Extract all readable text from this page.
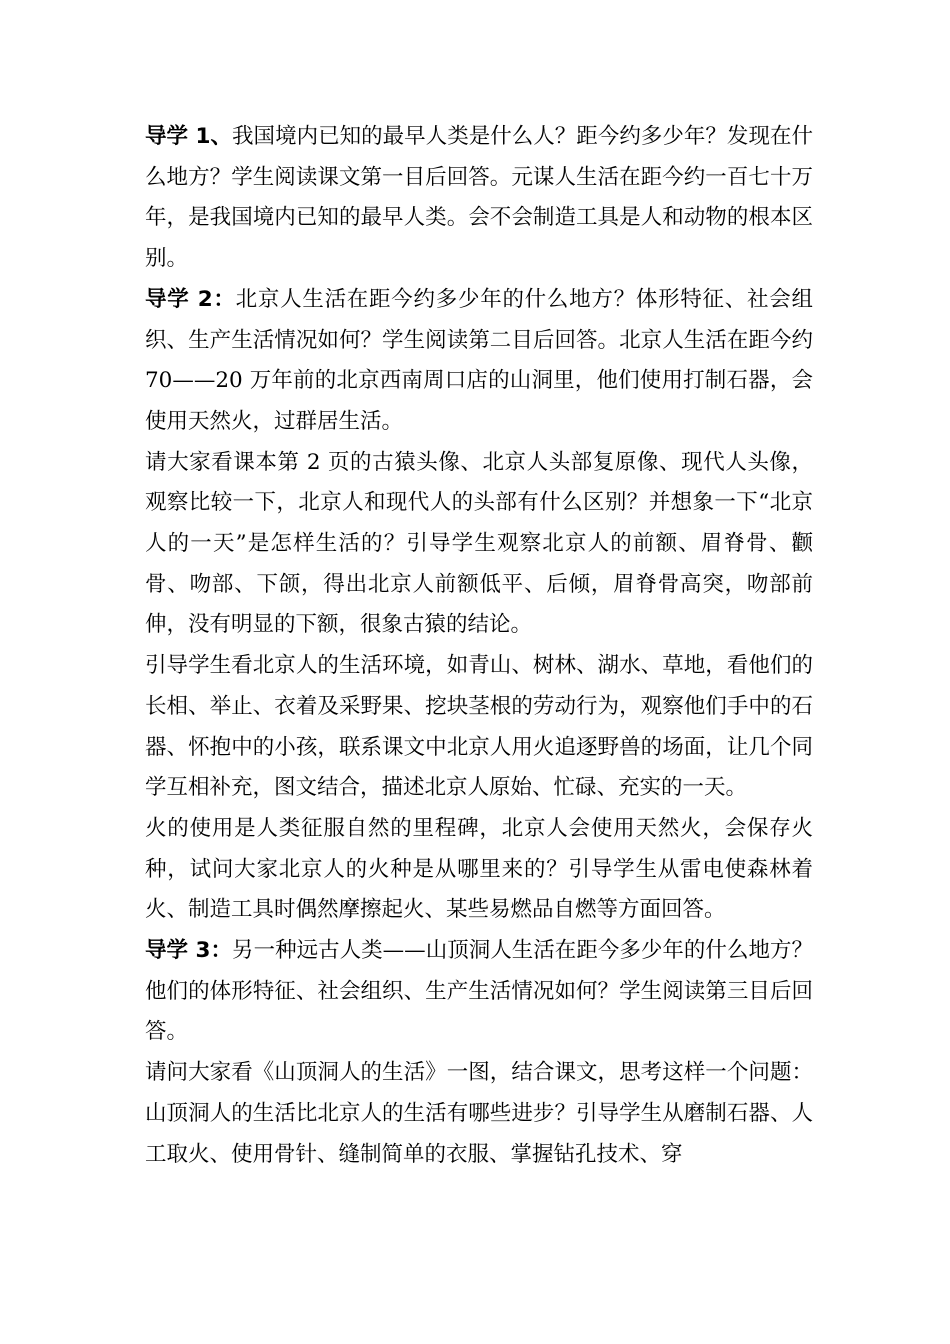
导学 1、我国境内已知的最早人类是什么人？距今约多少年？发现在什么地方？学生阅读课文第一目后回答。元谋人生活在距今约一百七十万年，是我国境内已知的最早人类。会不会制造工具是人和动物的根本区别。

导学 2：北京人生活在距今约多少年的什么地方？体形特征、社会组织、生产生活情况如何？学生阅读第二目后回答。北京人生活在距今约 70——20 万年前的北京西南周口店的山洞里，他们使用打制石器，会使用天然火，过群居生活。

请大家看课本第 2 页的古猿头像、北京人头部复原像、现代人头像，观察比较一下，北京人和现代人的头部有什么区别？并想象一下“北京人的一天”是怎样生活的？引导学生观察北京人的前额、眉脊骨、颧骨、吻部、下颌，得出北京人前额低平、后倾，眉脊骨高突，吻部前伸，没有明显的下额，很象古猿的结论。

引导学生看北京人的生活环境，如青山、树林、湖水、草地，看他们的长相、举止、衣着及采野果、挖块茎根的劳动行为，观察他们手中的石器、怀抱中的小孩，联系课文中北京人用火追逐野兽的场面，让几个同学互相补充，图文结合，描述北京人原始、忙碌、充实的一天。

火的使用是人类征服自然的里程碑，北京人会使用天然火，会保存火种，试问大家北京人的火种是从哪里来的？引导学生从雷电使森林着火、制造工具时偶然摩擦起火、某些易燃品自燃等方面回答。

导学 3：另一种远古人类——山顶洞人生活在距今多少年的什么地方？他们的体形特征、社会组织、生产生活情况如何？学生阅读第三目后回答。

请问大家看《山顶洞人的生活》一图，结合课文，思考这样一个问题：山顶洞人的生活比北京人的生活有哪些进步？引导学生从磨制石器、人工取火、使用骨针、缝制简单的衣服、掌握钻孔技术、穿
